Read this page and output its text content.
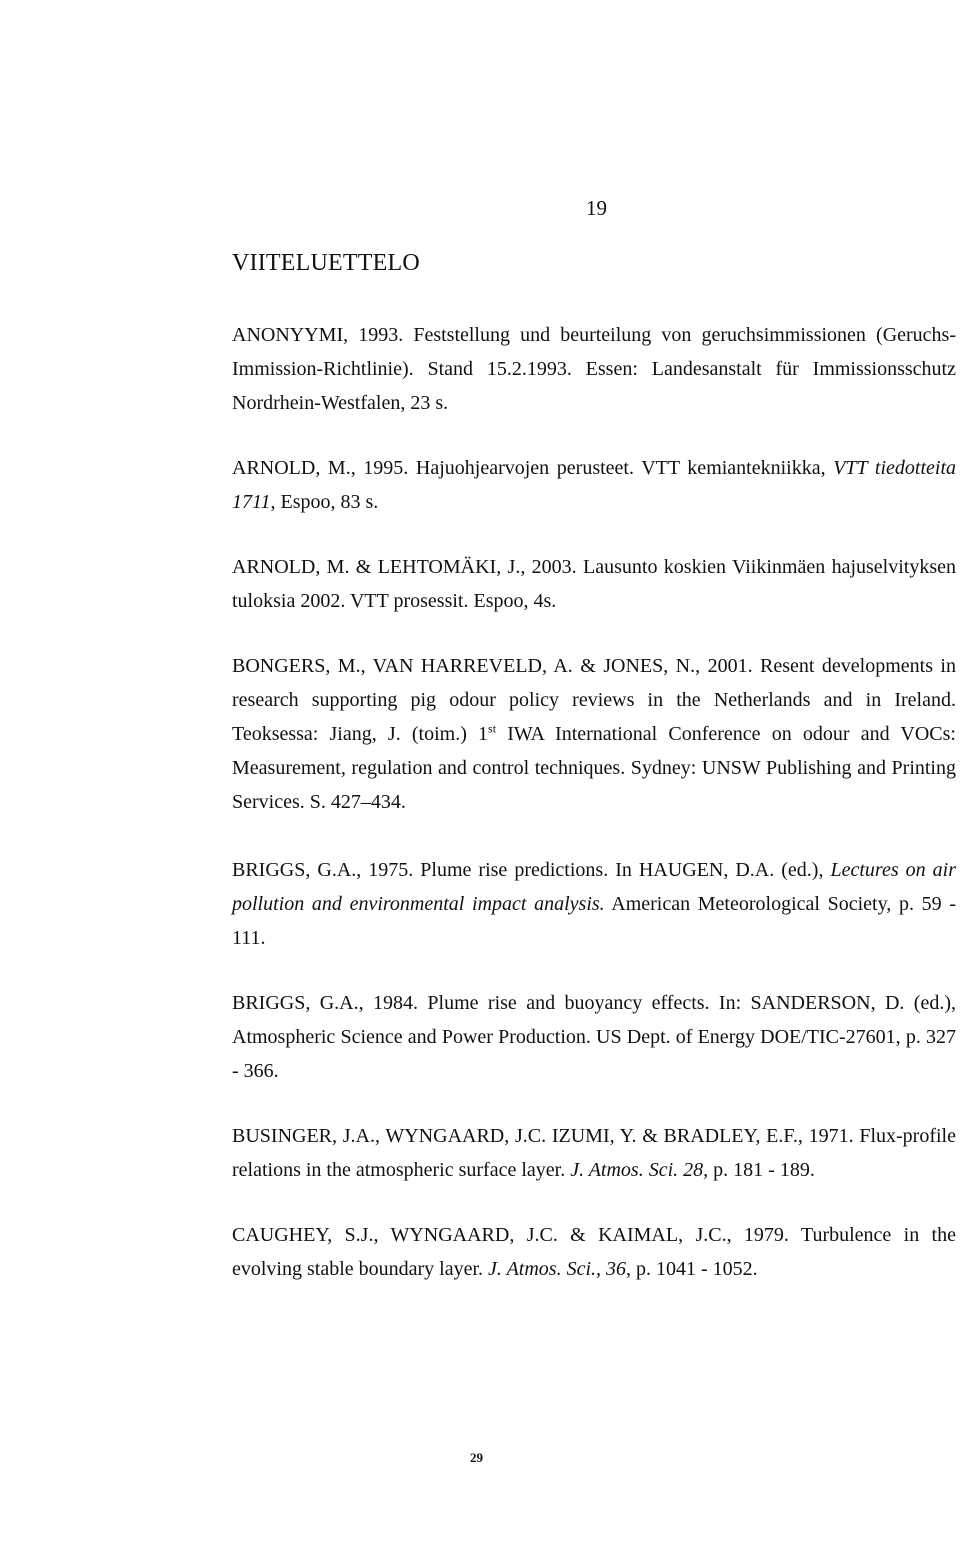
19
VIITELUETTELO
ANONYYMI, 1993. Feststellung und beurteilung von geruchsimmissionen (Geruchs-Immission-Richtlinie). Stand 15.2.1993. Essen: Landesanstalt für Immissionsschutz Nordrhein-Westfalen, 23 s.
ARNOLD, M., 1995. Hajuohjearvojen perusteet. VTT kemiantekniikka, VTT tiedotteita 1711, Espoo, 83 s.
ARNOLD, M. & LEHTOMÄKI, J., 2003. Lausunto koskien Viikinmäen hajuselvityksen tuloksia 2002. VTT prosessit. Espoo, 4s.
BONGERS, M., VAN HARREVELD, A. & JONES, N., 2001. Resent developments in research supporting pig odour policy reviews in the Netherlands and in Ireland. Teoksessa: Jiang, J. (toim.) 1st IWA International Conference on odour and VOCs: Measurement, regulation and control techniques. Sydney: UNSW Publishing and Printing Services. S. 427–434.
BRIGGS, G.A., 1975. Plume rise predictions. In HAUGEN, D.A. (ed.), Lectures on air pollution and environmental impact analysis. American Meteorological Society, p. 59 - 111.
BRIGGS, G.A., 1984. Plume rise and buoyancy effects. In: SANDERSON, D. (ed.), Atmospheric Science and Power Production. US Dept. of Energy DOE/TIC-27601, p. 327 - 366.
BUSINGER, J.A., WYNGAARD, J.C. IZUMI, Y. & BRADLEY, E.F., 1971. Flux-profile relations in the atmospheric surface layer. J. Atmos. Sci. 28, p. 181 - 189.
CAUGHEY, S.J., WYNGAARD, J.C. & KAIMAL, J.C., 1979. Turbulence in the evolving stable boundary layer. J. Atmos. Sci., 36, p. 1041 - 1052.
29
